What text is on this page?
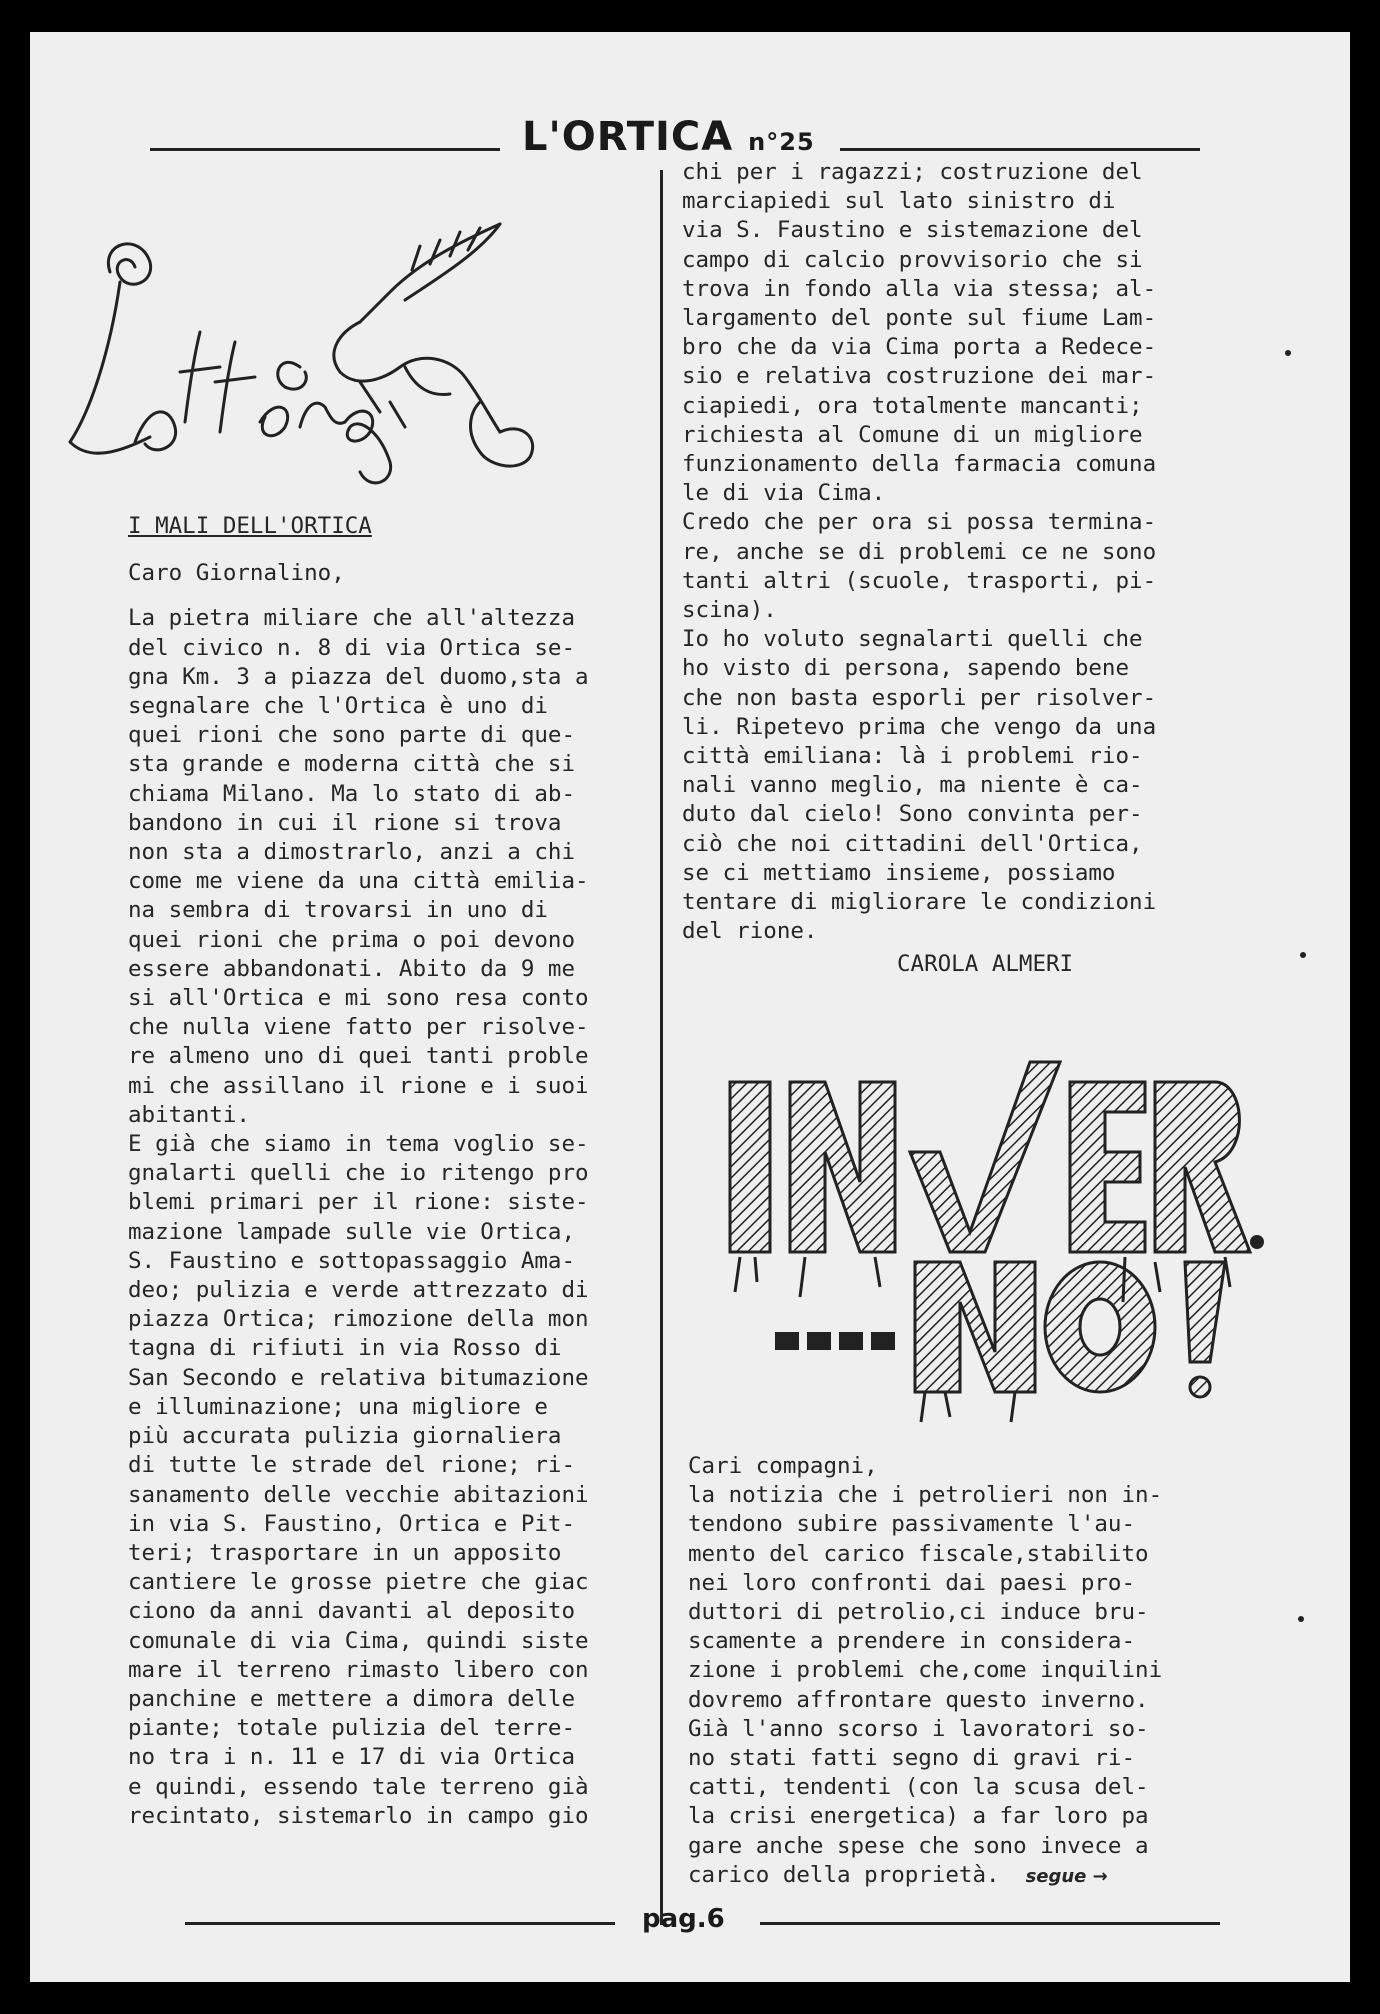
L'ORTICA n°25

I MALI DELL'ORTICA

Caro Giornalino,

La pietra miliare che all'altezza
del civico n. 8 di via Ortica se-
gna Km. 3 a piazza del duomo,sta a
segnalare che l'Ortica è uno di
quei rioni che sono parte di que-
sta grande e moderna città che si
chiama Milano. Ma lo stato di ab-
bandono in cui il rione si trova
non sta a dimostrarlo, anzi a chi
come me viene da una città emilia-
na sembra di trovarsi in uno di
quei rioni che prima o poi devono
essere abbandonati. Abito da 9 me
si all'Ortica e mi sono resa conto
che nulla viene fatto per risolve-
re almeno uno di quei tanti proble
mi che assillano il rione e i suoi
abitanti.

E già che siamo in tema voglio se-
gnalarti quelli che io ritengo pro
blemi primari per il rione: siste-
mazione lampade sulle vie Ortica,
S. Faustino e sottopassaggio Ama-
deo; pulizia e verde attrezzato di
piazza Ortica; rimozione della mon
tagna di rifiuti in via Rosso di
San Secondo e relativa bitumazione
e illuminazione; una migliore e
più accurata pulizia giornaliera
di tutte le strade del rione; ri-
sanamento delle vecchie abitazioni
in via S. Faustino, Ortica e Pit-
teri; trasportare in un apposito
cantiere le grosse pietre che giac
ciono da anni davanti al deposito
comunale di via Cima, quindi siste
mare il terreno rimasto libero con
panchine e mettere a dimora delle
piante; totale pulizia del terre-
no tra i n. 11 e 17 di via Ortica
e quindi, essendo tale terreno già
recintato, sistemarlo in campo gio

chi per i ragazzi; costruzione del
marciapiedi sul lato sinistro di
via S. Faustino e sistemazione del
campo di calcio provvisorio che si
trova in fondo alla via stessa; al-
largamento del ponte sul fiume Lam-
bro che da via Cima porta a Redece-
sio e relativa costruzione dei mar-
ciapiedi, ora totalmente mancanti;
richiesta al Comune di un migliore
funzionamento della farmacia comuna
le di via Cima.

Credo che per ora si possa termina-
re, anche se di problemi ce ne sono
tanti altri (scuole, trasporti, pi-
scina).

Io ho voluto segnalarti quelli che
ho visto di persona, sapendo bene
che non basta esporli per risolver-
li. Ripetevo prima che vengo da una
città emiliana: là i problemi rio-
nali vanno meglio, ma niente è ca-
duto dal cielo! Sono convinta per-
ciò che noi cittadini dell'Ortica,
se ci mettiamo insieme, possiamo
tentare di migliorare le condizioni
del rione.

CAROLA ALMERI

Cari compagni,

la notizia che i petrolieri non in-
tendono subire passivamente l'au-
mento del carico fiscale,stabilito
nei loro confronti dai paesi pro-
duttori di petrolio,ci induce bru-
scamente a prendere in considera-
zione i problemi che,come inquilini
dovremo affrontare questo inverno.
Già l'anno scorso i lavoratori so-
no stati fatti segno di gravi ri-
catti, tendenti (con la scusa del-
la crisi energetica) a far loro pa
gare anche spese che sono invece a

carico della proprietà. segue →

pag.6
